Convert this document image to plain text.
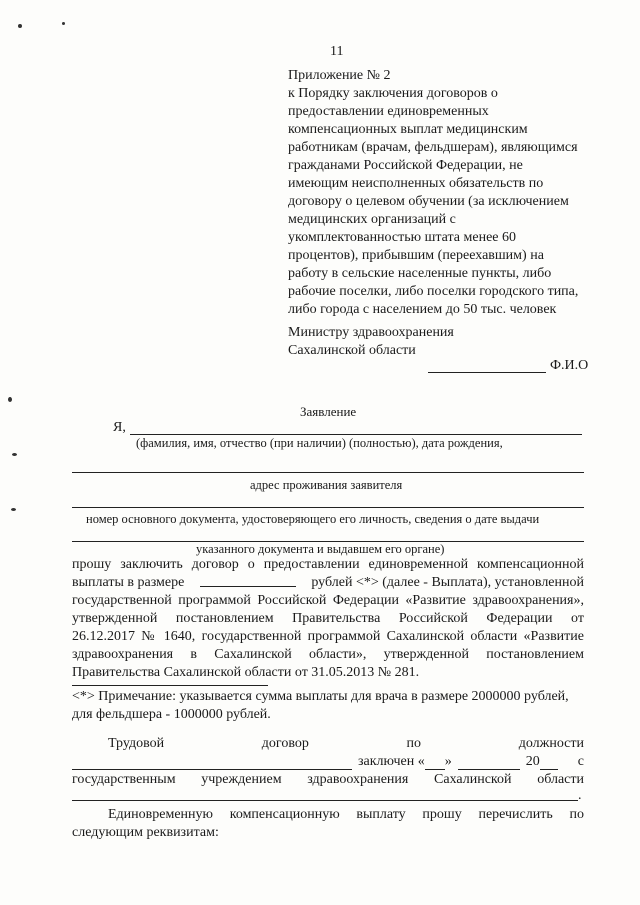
11
Приложение № 2
к Порядку заключения договоров о
предоставлении единовременных
компенсационных выплат медицинским
работникам (врачам, фельдшерам), являющимся
гражданами Российской Федерации, не
имеющим неисполненных обязательств по
договору о целевом обучении (за исключением
медицинских организаций с
укомплектованностью штата менее 60
процентов), прибывшим (переехавшим) на
работу в сельские населенные пункты, либо
рабочие поселки, либо поселки городского типа,
либо города с населением до 50 тыс. человек
Министру здравоохранения
Сахалинской области
Ф.И.О
Заявление
Я,
(фамилия, имя, отчество (при наличии) (полностью), дата рождения,
адрес проживания заявителя
номер основного документа, удостоверяющего его личность, сведения о дате выдачи
указанного документа и выдавшем его органе)
прошу заключить договор о предоставлении единовременной компенсационной
выплаты в размере	рублей <*> (далее - Выплата), установленной
государственной программой Российской Федерации «Развитие здравоохранения»,
утвержденной постановлением Правительства Российской Федерации от
26.12.2017 № 1640, государственной программой Сахалинской области «Развитие
здравоохранения в Сахалинской области», утвержденной постановлением
Правительства Сахалинской области от 31.05.2013 № 281.
<*> Примечание: указывается сумма выплаты для врача в размере 2000000 рублей,
для фельдшера - 1000000 рублей.
Трудовой	договор	по	должности
заключен « »	20	с
государственным учреждением здравоохранения Сахалинской области
.
Единовременную компенсационную выплату прошу перечислить по
следующим реквизитам:
